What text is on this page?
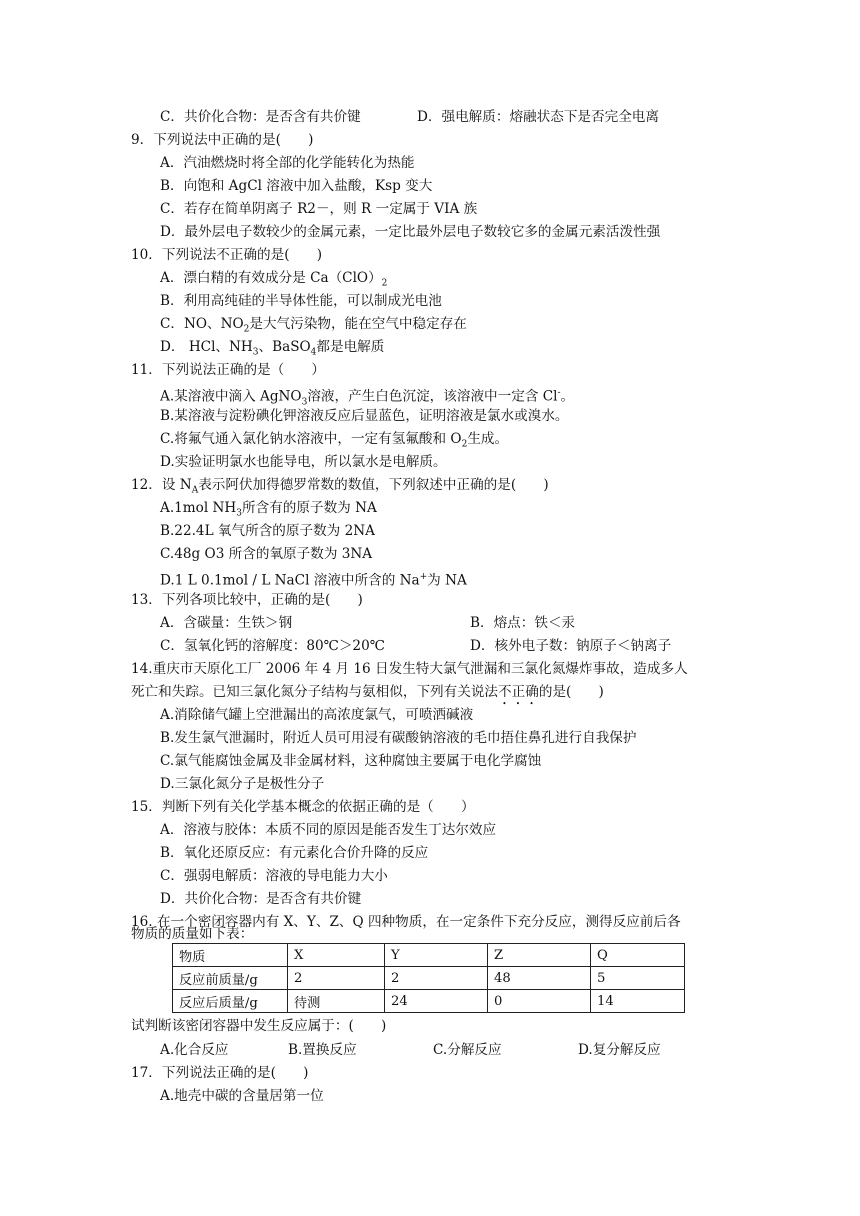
C．共价化合物：是否含有共价键	D．强电解质：熔融状态下是否完全电离
9．下列说法中正确的是(　　)
A．汽油燃烧时将全部的化学能转化为热能
B．向饱和 AgCl 溶液中加入盐酸，Ksp 变大
C．若存在简单阴离子 R2－，则 R 一定属于 VIA 族
D．最外层电子数较少的金属元素，一定比最外层电子数较它多的金属元素活泼性强
10．下列说法不正确的是(　　)
A．漂白精的有效成分是 $Ca(ClO)_2$
B．利用高纯硅的半导体性能，可以制成光电池
C．NO、$NO_2$是大气污染物，能在空气中稳定存在
D． HCl、$NH_3$、BaSO$_4$都是电解质
11．下列说法正确的是（　　）
A.某溶液中滴入 AgNO$_3$溶液，产生白色沉淀，该溶液中一定含 Cl-。
B.某溶液与淀粉碘化钾溶液反应后显蓝色，证明溶液是氯水或溴水。
C.将氟气通入氯化钠水溶液中，一定有氢氟酸和 $O_2$生成。
D.实验证明氯水也能导电，所以氯水是电解质。
12．设 $N_A$表示阿伏加得德罗常数的数值，下列叙述中正确的是(　　)
A.1mol $NH_3$所含有的原子数为 NA
B.22.4L 氧气所含的原子数为 2NA
C.48g O3 所含的氧原子数为 3NA
D.1 L 0.1mol / L NaCl 溶液中所含的 Na+为 NA
13．下列各项比较中，正确的是(　　)
A．含碳量：生铁＞钢	B．熔点：铁＜汞
C．氢氧化钙的溶解度：80℃＞20℃	D．核外电子数：钠原子＜钠离子
14.重庆市天原化工厂 2006 年 4 月 16 日发生特大氯气泄漏和三氯化氮爆炸事故，造成多人
死亡和失踪。已知三氯化氮分子结构与氨相似，下列有关说法不正确的是(　　)
A.消除储气罐上空泄漏出的高浓度氯气，可喷洒碱液
B.发生氯气泄漏时，附近人员可用浸有碳酸钠溶液的毛巾捂住鼻孔进行自我保护
C.氯气能腐蚀金属及非金属材料，这种腐蚀主要属于电化学腐蚀
D.三氯化氮分子是极性分子
15．判断下列有关化学基本概念的依据正确的是（　　）
A．溶液与胶体：本质不同的原因是能否发生丁达尔效应
B．氧化还原反应：有元素化合价升降的反应
C．强弱电解质：溶液的导电能力大小
D．共价化合物：是否含有共价键
16. 在一个密闭容器内有 X、Y、Z、Q 四种物质，在一定条件下充分反应，测得反应前后各
物质的质量如下表：
物质	X	Y	Z	Q
反应前质量/g	2	2	48	5
反应后质量/g	待测	24	0	14
试判断该密闭容器中发生反应属于：(　　)
A.化合反应	B.置换反应	C.分解反应	D.复分解反应
17．下列说法正确的是(　　)
A.地壳中碳的含量居第一位
